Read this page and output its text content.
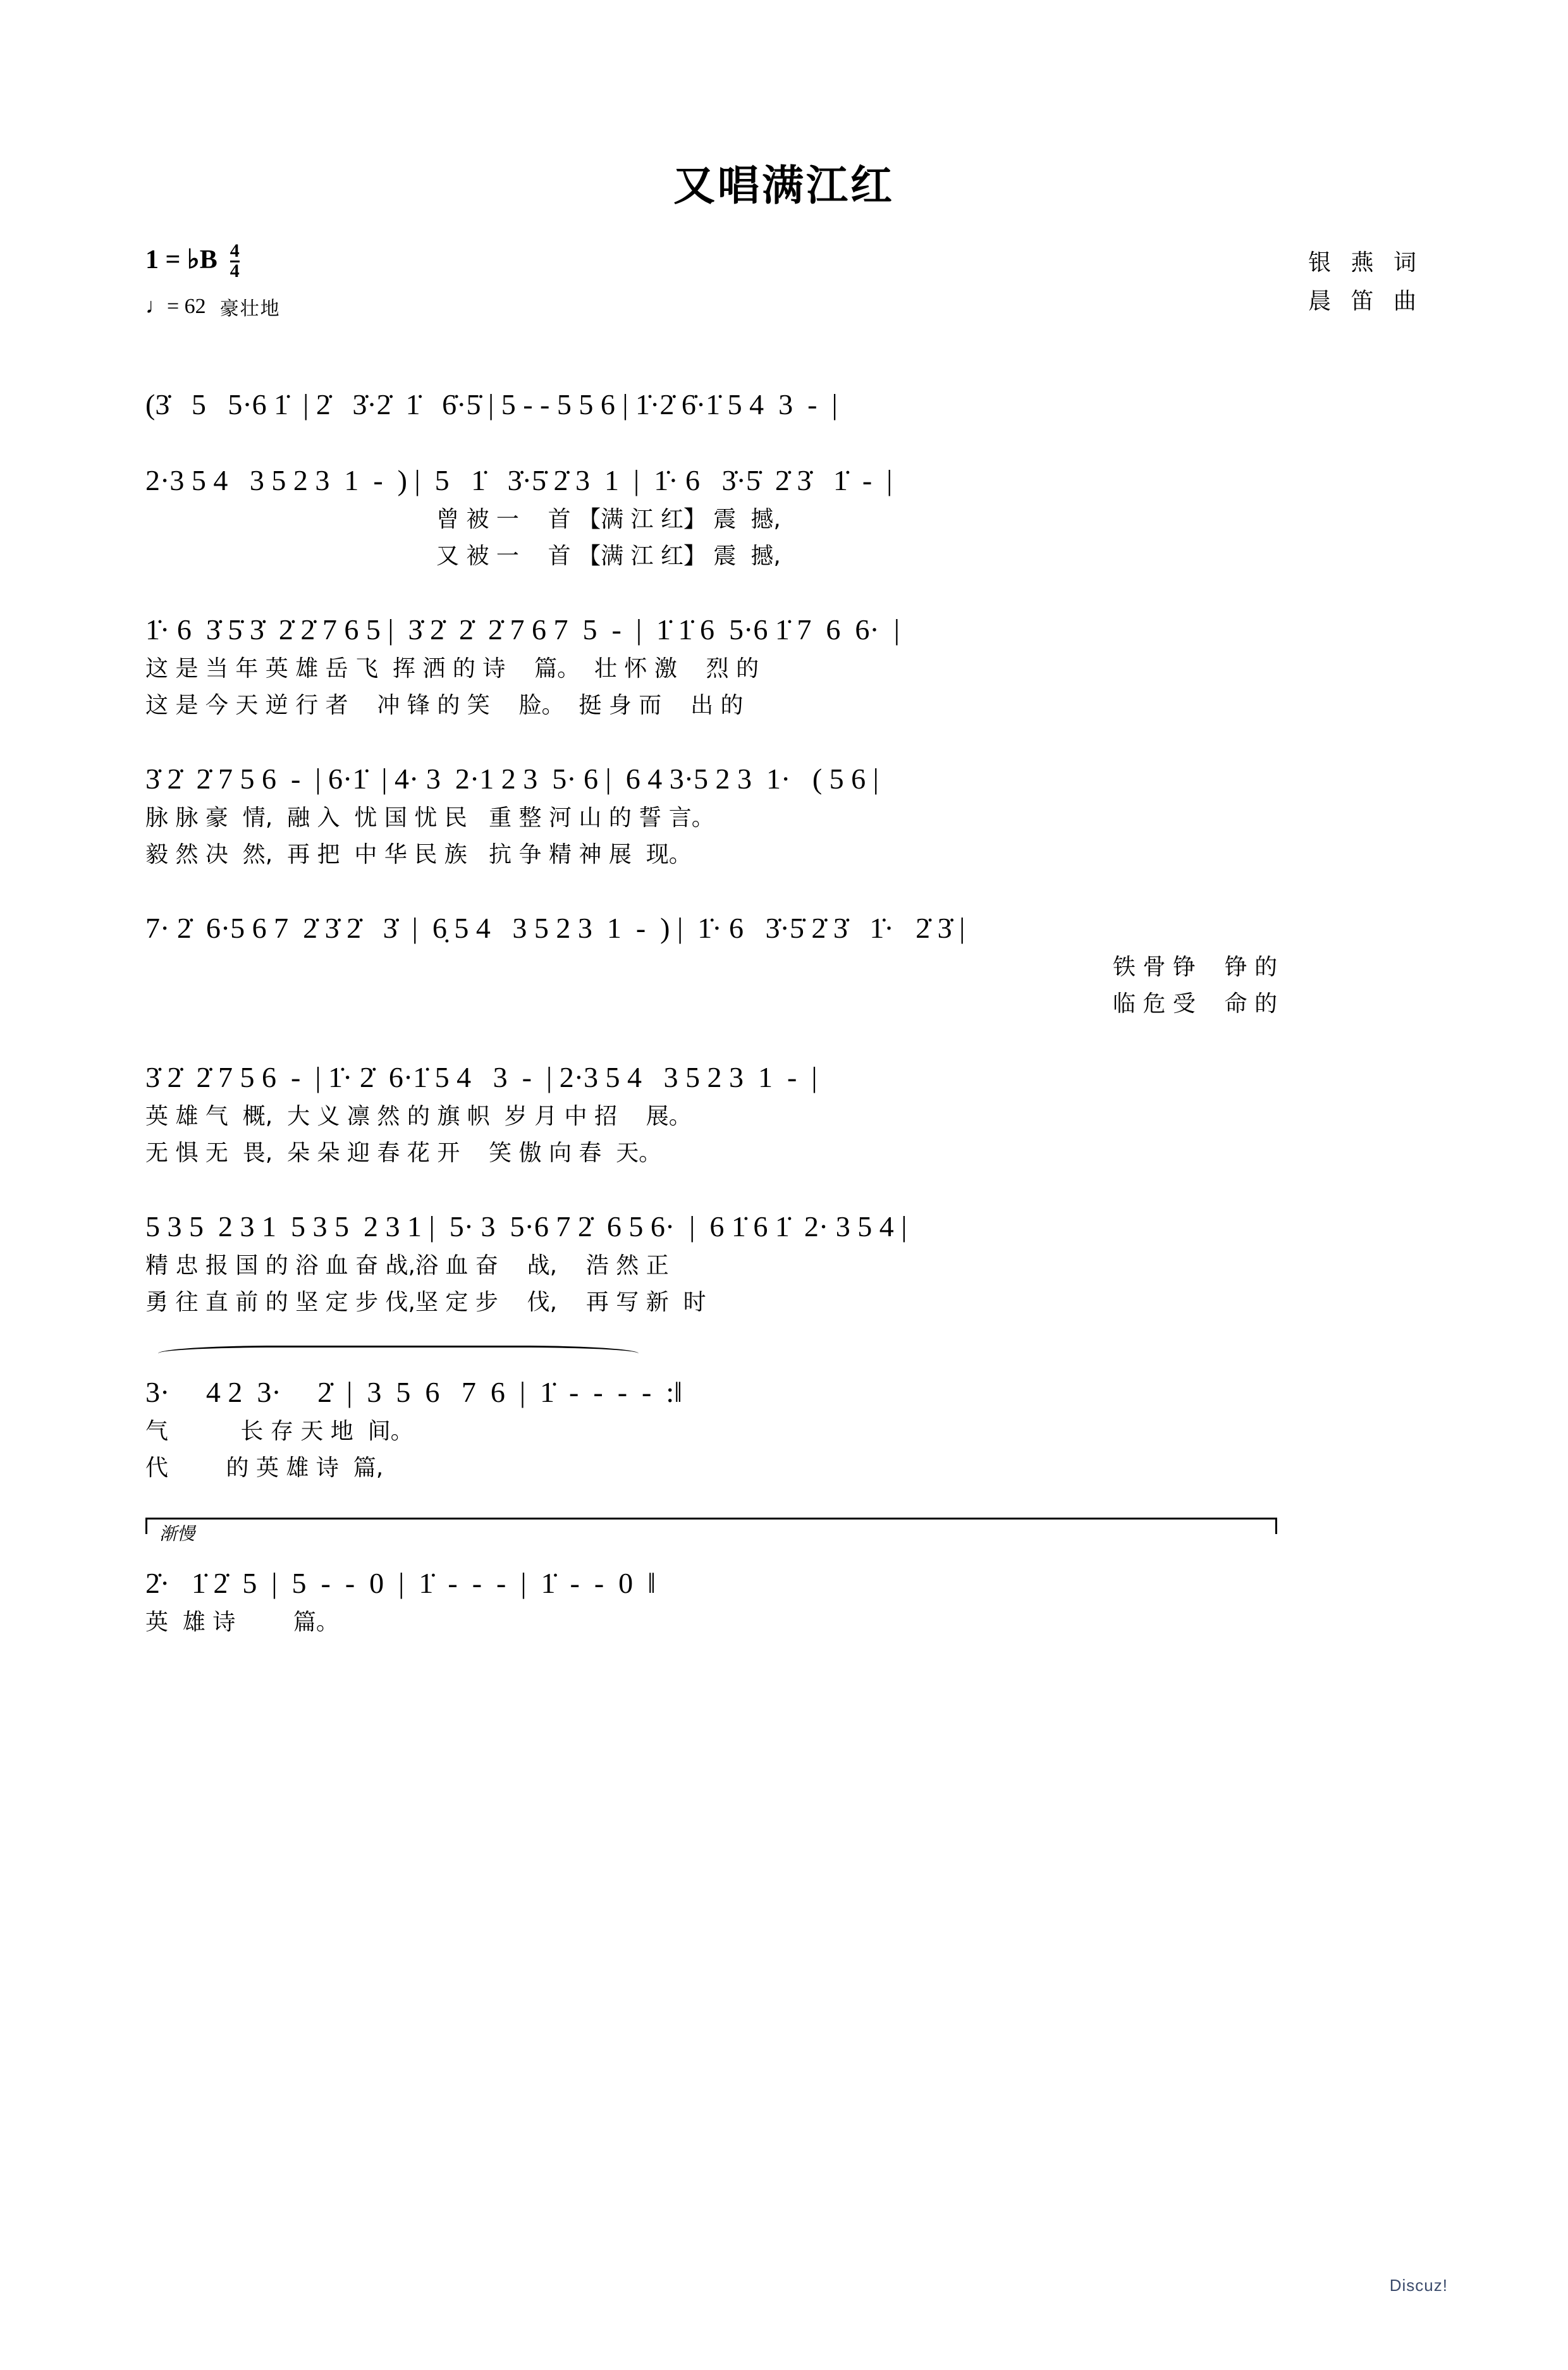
又唱满江红
1 = ♭B $\frac{4}{4}$
♩= 62 豪壮地
银 燕 词
晨 笛 曲

(3̇   5   5·6 1̇  | 2̇   3̇·2̇  1̇   6̇·5̇ | 5 - - 5 5 6 | 1̇·2̇ 6̇·1̇ 5 4  3  -  |

2·3 5 4   3 5 2 3  1  -  ) |  5   1̇   3̇·5̇ 2̇ 3  1  |  1̇· 6   3̇·5̇  2̇ 3̇   1̇  -  |

曾 被 一    首 【满 江 红】 震  撼,

又 被 一    首 【满 江 红】 震  撼,

1̇· 6  3̇ 5̇ 3̇  2̇ 2̇ 7 6 5 |  3̇ 2̇  2̇  2̇ 7 6 7  5  -  |  1̇ 1̇ 6  5·6 1̇ 7  6  6·  |

这 是 当 年 英 雄 岳 飞  挥 洒 的 诗    篇。  壮 怀 激    烈 的

这 是 今 天 逆 行 者    冲 锋 的 笑    脸。  挺 身 而    出 的

3̇ 2̇  2̇ 7 5 6  -  | 6·1̇  | 4· 3  2·1 2 3  5· 6 |  6 4 3·5 2 3  1·   ( 5 6 |

脉 脉 豪  情,  融 入  忧 国 忧 民   重 整 河 山 的 誓 言。

毅 然 决  然,  再 把  中 华 民 族   抗 争 精 神 展  现。

7· 2̇  6·5 6 7  2̇ 3̇ 2̇   3̇  |  6̣ 5 4   3 5 2 3  1  -  ) |  1̇· 6   3̇·5̇ 2̇ 3̇   1̇·   2̇ 3̇ |

铁 骨 铮    铮 的

临 危 受    命 的

3̇ 2̇  2̇ 7 5 6  -  | 1̇· 2̇  6·1̇ 5 4   3  -  | 2·3 5 4   3 5 2 3  1  -  |

英 雄 气  概,  大 义 凛 然 的 旗 帜  岁 月 中 招    展。

无 惧 无  畏,  朵 朵 迎 春 花 开    笑 傲 向 春  天。

5 3 5  2 3 1  5 3 5  2 3 1 |  5· 3  5·6 7 2̇  6 5 6·  |  6 1̇ 6 1̇  2· 3 5 4 |

精 忠 报 国 的 浴 血 奋 战,浴 血 奋    战,    浩 然 正

勇 往 直 前 的 坚 定 步 伐,坚 定 步    伐,    再 写 新  时

3·     4 2  3·     2̇  |  3  5  6   7  6  |  1̇  -  -  -  -  :‖

气          长 存 天 地  间。

代        的 英 雄 诗  篇,

渐慢

2̇·   1̇ 2̇  5  |  5  -  -  0  |  1̇  -  -  -  |  1̇  -  -  0  ‖

英  雄 诗        篇。

Discuz!
